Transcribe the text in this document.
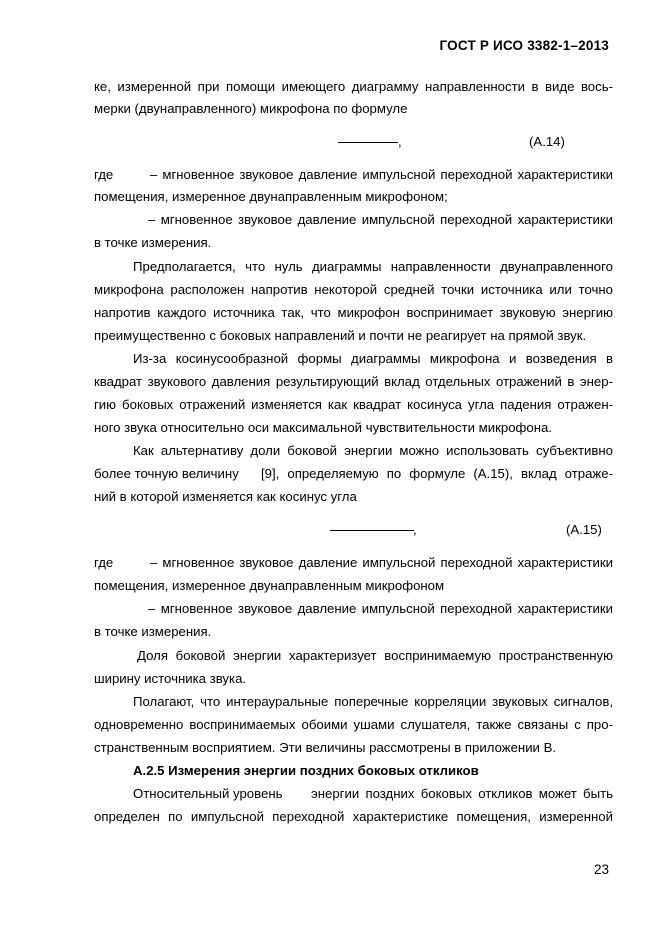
ГОСТ Р ИСО 3382-1–2013
ке, измеренной при помощи имеющего диаграмму направленности в виде вось-
мерки (двунаправленного) микрофона по формуле
,	(А.14)
где	– мгновенное звуковое давление импульсной переходной характеристики
помещения, измеренное двунаправленным микрофоном;
– мгновенное звуковое давление импульсной переходной характеристики
в точке измерения.
Предполагается, что нуль диаграммы направленности двунаправленного
микрофона расположен напротив некоторой средней точки источника или точно
напротив каждого источника так, что микрофон воспринимает звуковую энергию
преимущественно с боковых направлений и почти не реагирует на прямой звук.
Из-за косинусообразной формы диаграммы микрофона и возведения в
квадрат звукового давления результирующий вклад отдельных отражений в энер-
гию боковых отражений изменяется как квадрат косинуса угла падения отражен-
ного звука относительно оси максимальной чувствительности микрофона.
Как альтернативу доли боковой энергии можно использовать субъективно
более точную величину [9], определяемую по формуле (А.15), вклад отраже-
ний в которой изменяется как косинус угла
,	(А.15)
где	– мгновенное звуковое давление импульсной переходной характеристики
помещения, измеренное двунаправленным микрофоном
– мгновенное звуковое давление импульсной переходной характеристики
в точке измерения.
Доля боковой энергии характеризует воспринимаемую пространственную
ширину источника звука.
Полагают, что интерауральные поперечные корреляции звуковых сигналов,
одновременно воспринимаемых обоими ушами слушателя, также связаны с про-
странственным восприятием. Эти величины рассмотрены в приложении В.
А.2.5 Измерения энергии поздних боковых откликов
Относительный уровень энергии поздних боковых откликов может быть
определен по импульсной переходной характеристике помещения, измеренной
23
